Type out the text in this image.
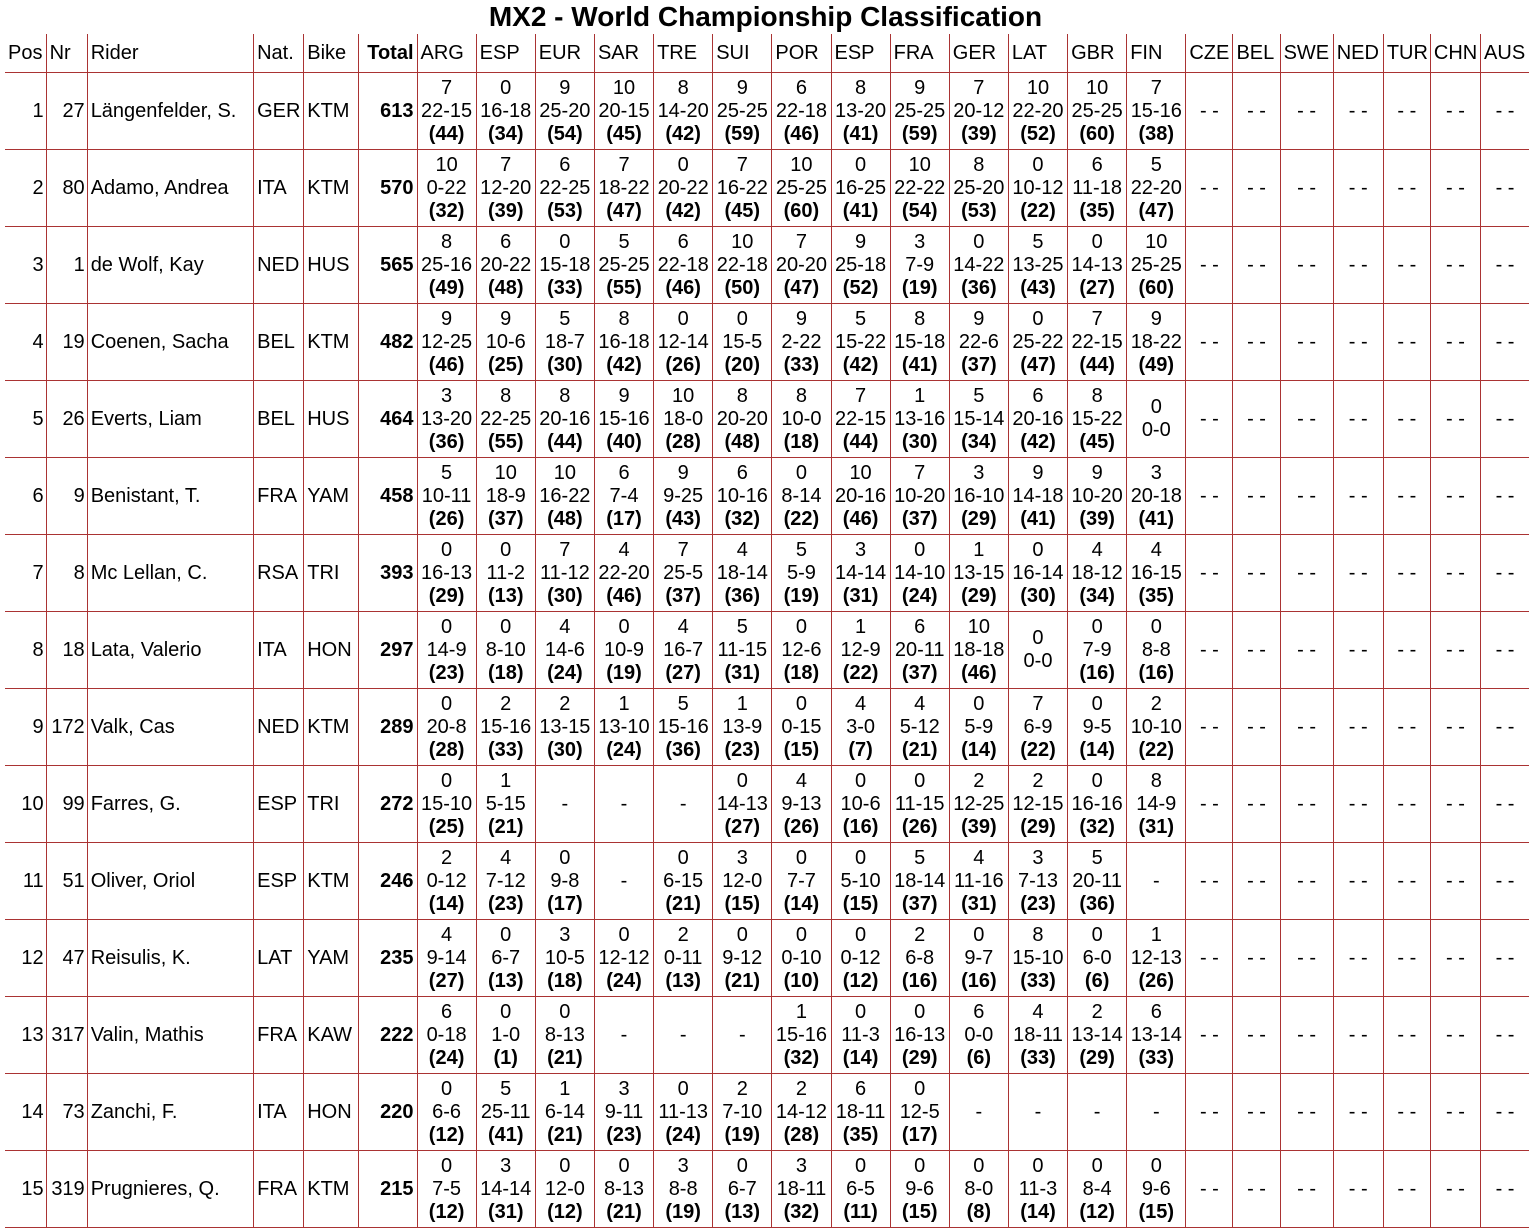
MX2 - World Championship Classification
Pos	Nr	Rider	Nat.	Bike	Total	ARG	ESP	EUR	SAR	TRE	SUI	POR	ESP	FRA	GER	LAT	GBR	FIN	CZE	BEL	SWE	NED	TUR	CHN	AUS
1	27	Längenfelder, S.	GER	KTM	613	7
22-15
(44)	0
16-18
(34)	9
25-20
(54)	10
20-15
(45)	8
14-20
(42)	9
25-25
(59)	6
22-18
(46)	8
13-20
(41)	9
25-25
(59)	7
20-12
(39)	10
22-20
(52)	10
25-25
(60)	7
15-16
(38)	- -	- -	- -	- -	- -	- -	- -
2	80	Adamo, Andrea	ITA	KTM	570	10
0-22
(32)	7
12-20
(39)	6
22-25
(53)	7
18-22
(47)	0
20-22
(42)	7
16-22
(45)	10
25-25
(60)	0
16-25
(41)	10
22-22
(54)	8
25-20
(53)	0
10-12
(22)	6
11-18
(35)	5
22-20
(47)	- -	- -	- -	- -	- -	- -	- -
3	1	de Wolf, Kay	NED	HUS	565	8
25-16
(49)	6
20-22
(48)	0
15-18
(33)	5
25-25
(55)	6
22-18
(46)	10
22-18
(50)	7
20-20
(47)	9
25-18
(52)	3
7-9
(19)	0
14-22
(36)	5
13-25
(43)	0
14-13
(27)	10
25-25
(60)	- -	- -	- -	- -	- -	- -	- -
4	19	Coenen, Sacha	BEL	KTM	482	9
12-25
(46)	9
10-6
(25)	5
18-7
(30)	8
16-18
(42)	0
12-14
(26)	0
15-5
(20)	9
2-22
(33)	5
15-22
(42)	8
15-18
(41)	9
22-6
(37)	0
25-22
(47)	7
22-15
(44)	9
18-22
(49)	- -	- -	- -	- -	- -	- -	- -
5	26	Everts, Liam	BEL	HUS	464	3
13-20
(36)	8
22-25
(55)	8
20-16
(44)	9
15-16
(40)	10
18-0
(28)	8
20-20
(48)	8
10-0
(18)	7
22-15
(44)	1
13-16
(30)	5
15-14
(34)	6
20-16
(42)	8
15-22
(45)	0
0-0	- -	- -	- -	- -	- -	- -	- -
6	9	Benistant, T.	FRA	YAM	458	5
10-11
(26)	10
18-9
(37)	10
16-22
(48)	6
7-4
(17)	9
9-25
(43)	6
10-16
(32)	0
8-14
(22)	10
20-16
(46)	7
10-20
(37)	3
16-10
(29)	9
14-18
(41)	9
10-20
(39)	3
20-18
(41)	- -	- -	- -	- -	- -	- -	- -
7	8	Mc Lellan, C.	RSA	TRI	393	0
16-13
(29)	0
11-2
(13)	7
11-12
(30)	4
22-20
(46)	7
25-5
(37)	4
18-14
(36)	5
5-9
(19)	3
14-14
(31)	0
14-10
(24)	1
13-15
(29)	0
16-14
(30)	4
18-12
(34)	4
16-15
(35)	- -	- -	- -	- -	- -	- -	- -
8	18	Lata, Valerio	ITA	HON	297	0
14-9
(23)	0
8-10
(18)	4
14-6
(24)	0
10-9
(19)	4
16-7
(27)	5
11-15
(31)	0
12-6
(18)	1
12-9
(22)	6
20-11
(37)	10
18-18
(46)	0
0-0	0
7-9
(16)	0
8-8
(16)	- -	- -	- -	- -	- -	- -	- -
9	172	Valk, Cas	NED	KTM	289	0
20-8
(28)	2
15-16
(33)	2
13-15
(30)	1
13-10
(24)	5
15-16
(36)	1
13-9
(23)	0
0-15
(15)	4
3-0
(7)	4
5-12
(21)	0
5-9
(14)	7
6-9
(22)	0
9-5
(14)	2
10-10
(22)	- -	- -	- -	- -	- -	- -	- -
10	99	Farres, G.	ESP	TRI	272	0
15-10
(25)	1
5-15
(21)	-	-	-	0
14-13
(27)	4
9-13
(26)	0
10-6
(16)	0
11-15
(26)	2
12-25
(39)	2
12-15
(29)	0
16-16
(32)	8
14-9
(31)	- -	- -	- -	- -	- -	- -	- -
11	51	Oliver, Oriol	ESP	KTM	246	2
0-12
(14)	4
7-12
(23)	0
9-8
(17)	-	0
6-15
(21)	3
12-0
(15)	0
7-7
(14)	0
5-10
(15)	5
18-14
(37)	4
11-16
(31)	3
7-13
(23)	5
20-11
(36)	-	- -	- -	- -	- -	- -	- -	- -
12	47	Reisulis, K.	LAT	YAM	235	4
9-14
(27)	0
6-7
(13)	3
10-5
(18)	0
12-12
(24)	2
0-11
(13)	0
9-12
(21)	0
0-10
(10)	0
0-12
(12)	2
6-8
(16)	0
9-7
(16)	8
15-10
(33)	0
6-0
(6)	1
12-13
(26)	- -	- -	- -	- -	- -	- -	- -
13	317	Valin, Mathis	FRA	KAW	222	6
0-18
(24)	0
1-0
(1)	0
8-13
(21)	-	-	-	1
15-16
(32)	0
11-3
(14)	0
16-13
(29)	6
0-0
(6)	4
18-11
(33)	2
13-14
(29)	6
13-14
(33)	- -	- -	- -	- -	- -	- -	- -
14	73	Zanchi, F.	ITA	HON	220	0
6-6
(12)	5
25-11
(41)	1
6-14
(21)	3
9-11
(23)	0
11-13
(24)	2
7-10
(19)	2
14-12
(28)	6
18-11
(35)	0
12-5
(17)	-	-	-	-	- -	- -	- -	- -	- -	- -	- -
15	319	Prugnieres, Q.	FRA	KTM	215	0
7-5
(12)	3
14-14
(31)	0
12-0
(12)	0
8-13
(21)	3
8-8
(19)	0
6-7
(13)	3
18-11
(32)	0
6-5
(11)	0
9-6
(15)	0
8-0
(8)	0
11-3
(14)	0
8-4
(12)	0
9-6
(15)	- -	- -	- -	- -	- -	- -	- -
